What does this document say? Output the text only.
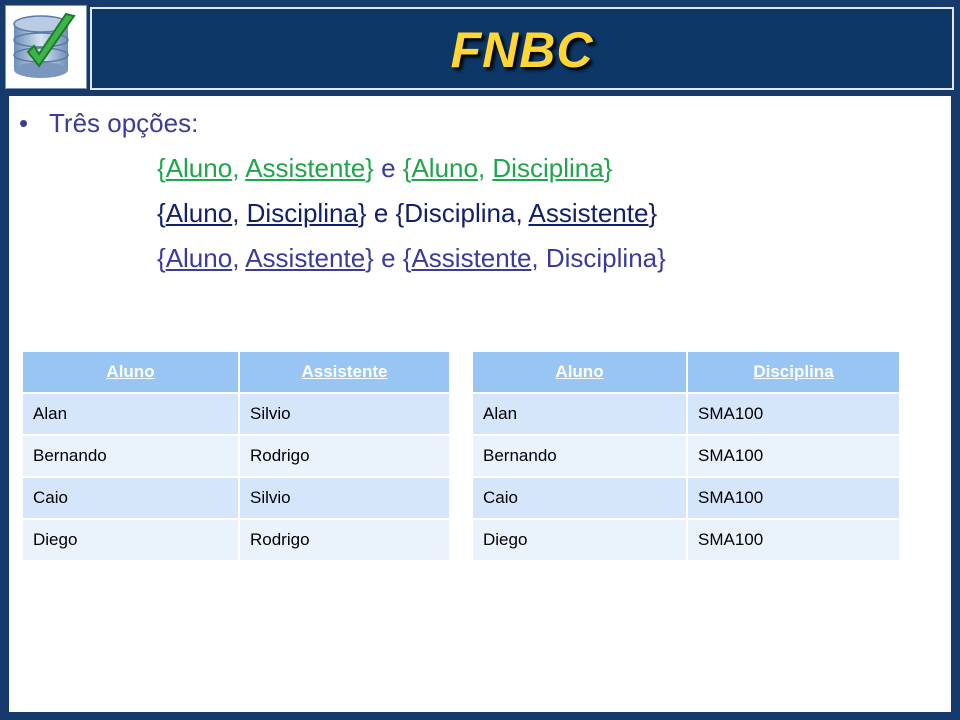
FNBC
• Três opções:
{Aluno, Assistente} e {Aluno, Disciplina}
{Aluno, Disciplina} e {Disciplina, Assistente}
{Aluno, Assistente} e {Assistente, Disciplina}
Aluno	Assistente
Alan	Silvio
Bernando	Rodrigo
Caio	Silvio
Diego	Rodrigo
Aluno	Disciplina
Alan	SMA100
Bernando	SMA100
Caio	SMA100
Diego	SMA100
